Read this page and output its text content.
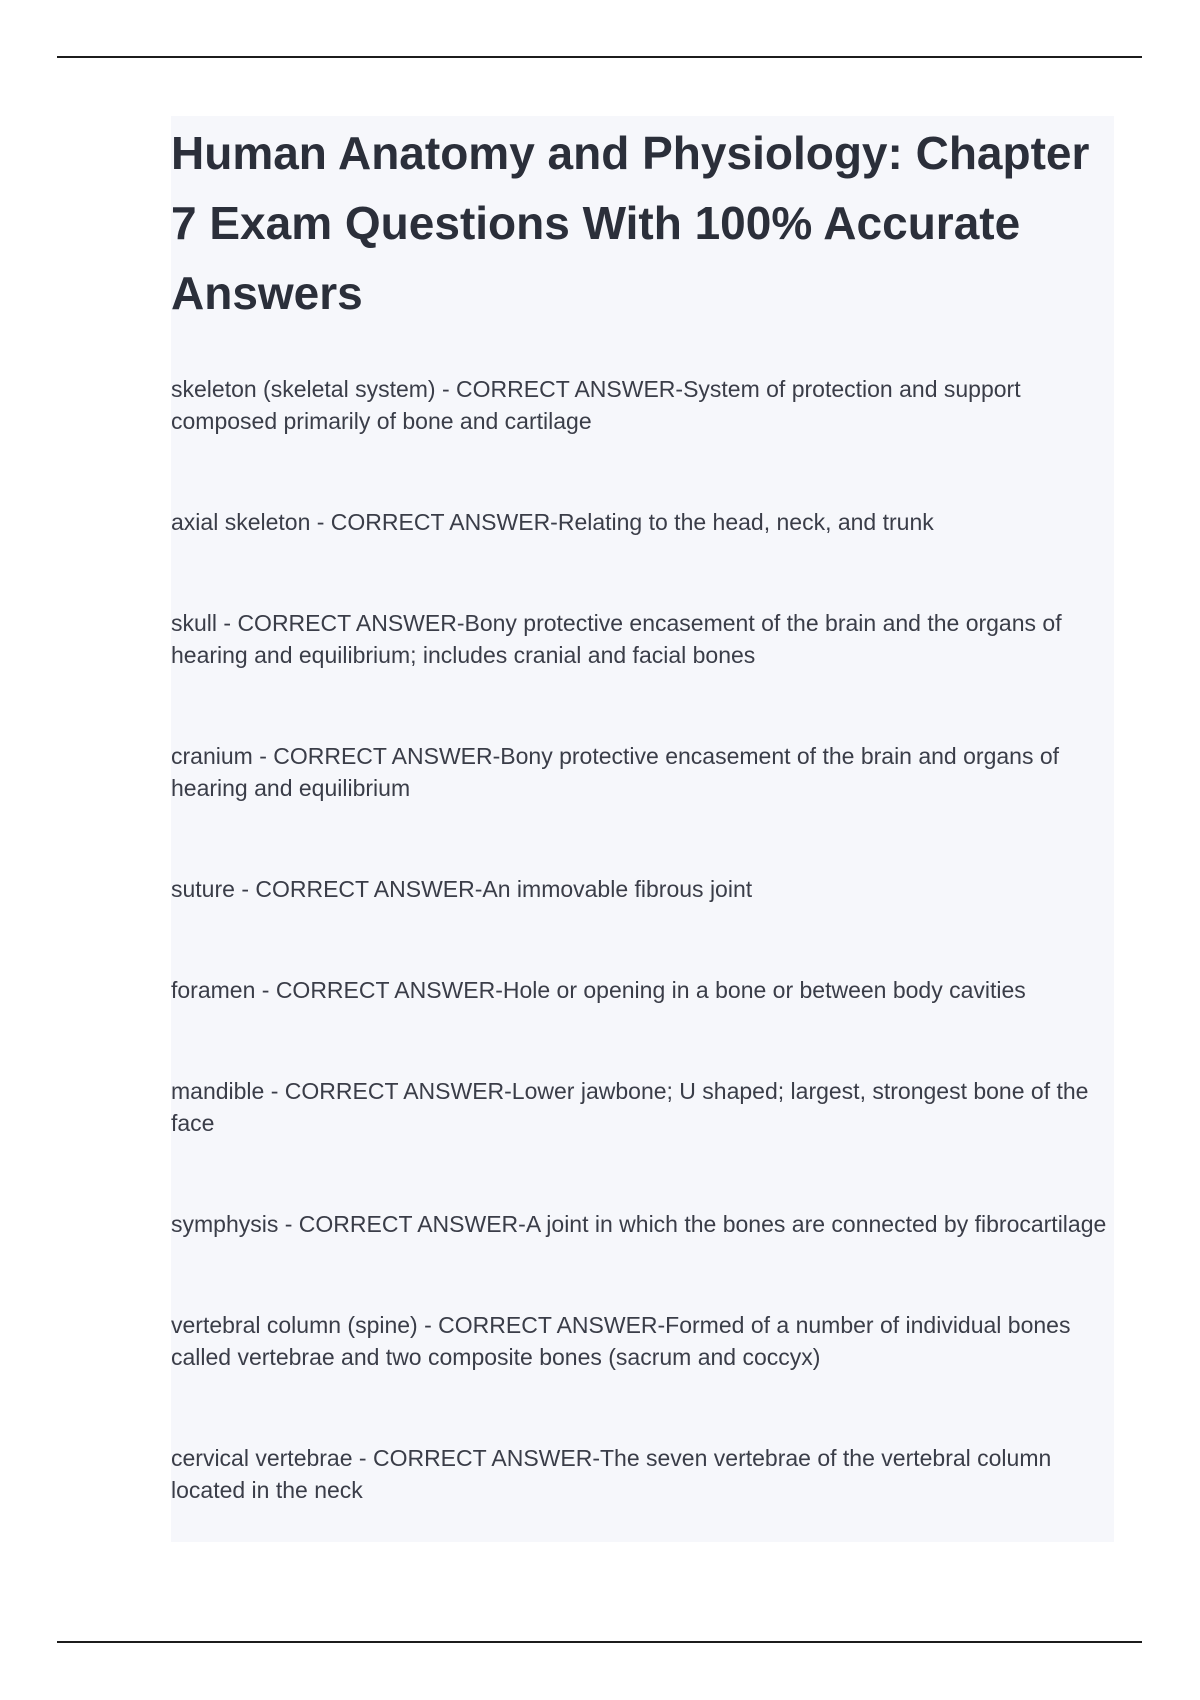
Human Anatomy and Physiology: Chapter 7 Exam Questions With 100% Accurate Answers
skeleton (skeletal system) - CORRECT ANSWER-System of protection and support composed primarily of bone and cartilage
axial skeleton - CORRECT ANSWER-Relating to the head, neck, and trunk
skull - CORRECT ANSWER-Bony protective encasement of the brain and the organs of hearing and equilibrium; includes cranial and facial bones
cranium - CORRECT ANSWER-Bony protective encasement of the brain and organs of hearing and equilibrium
suture - CORRECT ANSWER-An immovable fibrous joint
foramen - CORRECT ANSWER-Hole or opening in a bone or between body cavities
mandible - CORRECT ANSWER-Lower jawbone; U shaped; largest, strongest bone of the face
symphysis - CORRECT ANSWER-A joint in which the bones are connected by fibrocartilage
vertebral column (spine) - CORRECT ANSWER-Formed of a number of individual bones called vertebrae and two composite bones (sacrum and coccyx)
cervical vertebrae - CORRECT ANSWER-The seven vertebrae of the vertebral column located in the neck
